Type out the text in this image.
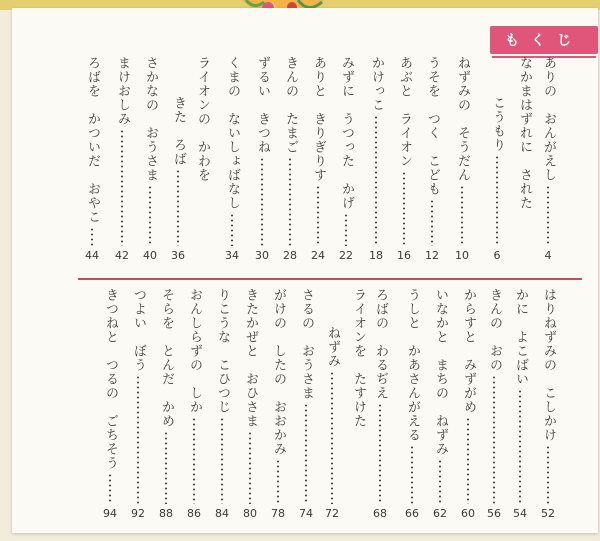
もくじ
ありの　おんがえし
4
なかまはずれに　された
こうもり
6
ねずみの　そうだん
10
うそを　つく　こども
12
あぶと　ライオン
16
かけっこ
18
みずに　うつった　かげ
22
ありと　きりぎりす
24
きんの　たまご
28
ずるい　きつね
30
くまの　ないしょばなし
34
ライオンの　かわを
きた　ろば
36
さかなの　おうさま
40
まけおしみ
42
ろばを　かついだ　おやこ
44
はりねずみの　こしかけ
52
かに　よこばい
54
きんの　おの
56
からすと　みずがめ
60
いなかと　まちの　ねずみ
62
うしと　かあさんがえる
66
ろばの　わるぢえ
68
ライオンを　たすけた
ねずみ
72
さるの　おうさま
74
がけの　したの　おおかみ
78
きたかぜと　おひさま
80
りこうな　こひつじ
84
おんしらずの　しか
86
そらを　とんだ　かめ
88
つよい　ぼう
92
きつねと　つるの　ごちそう
94
